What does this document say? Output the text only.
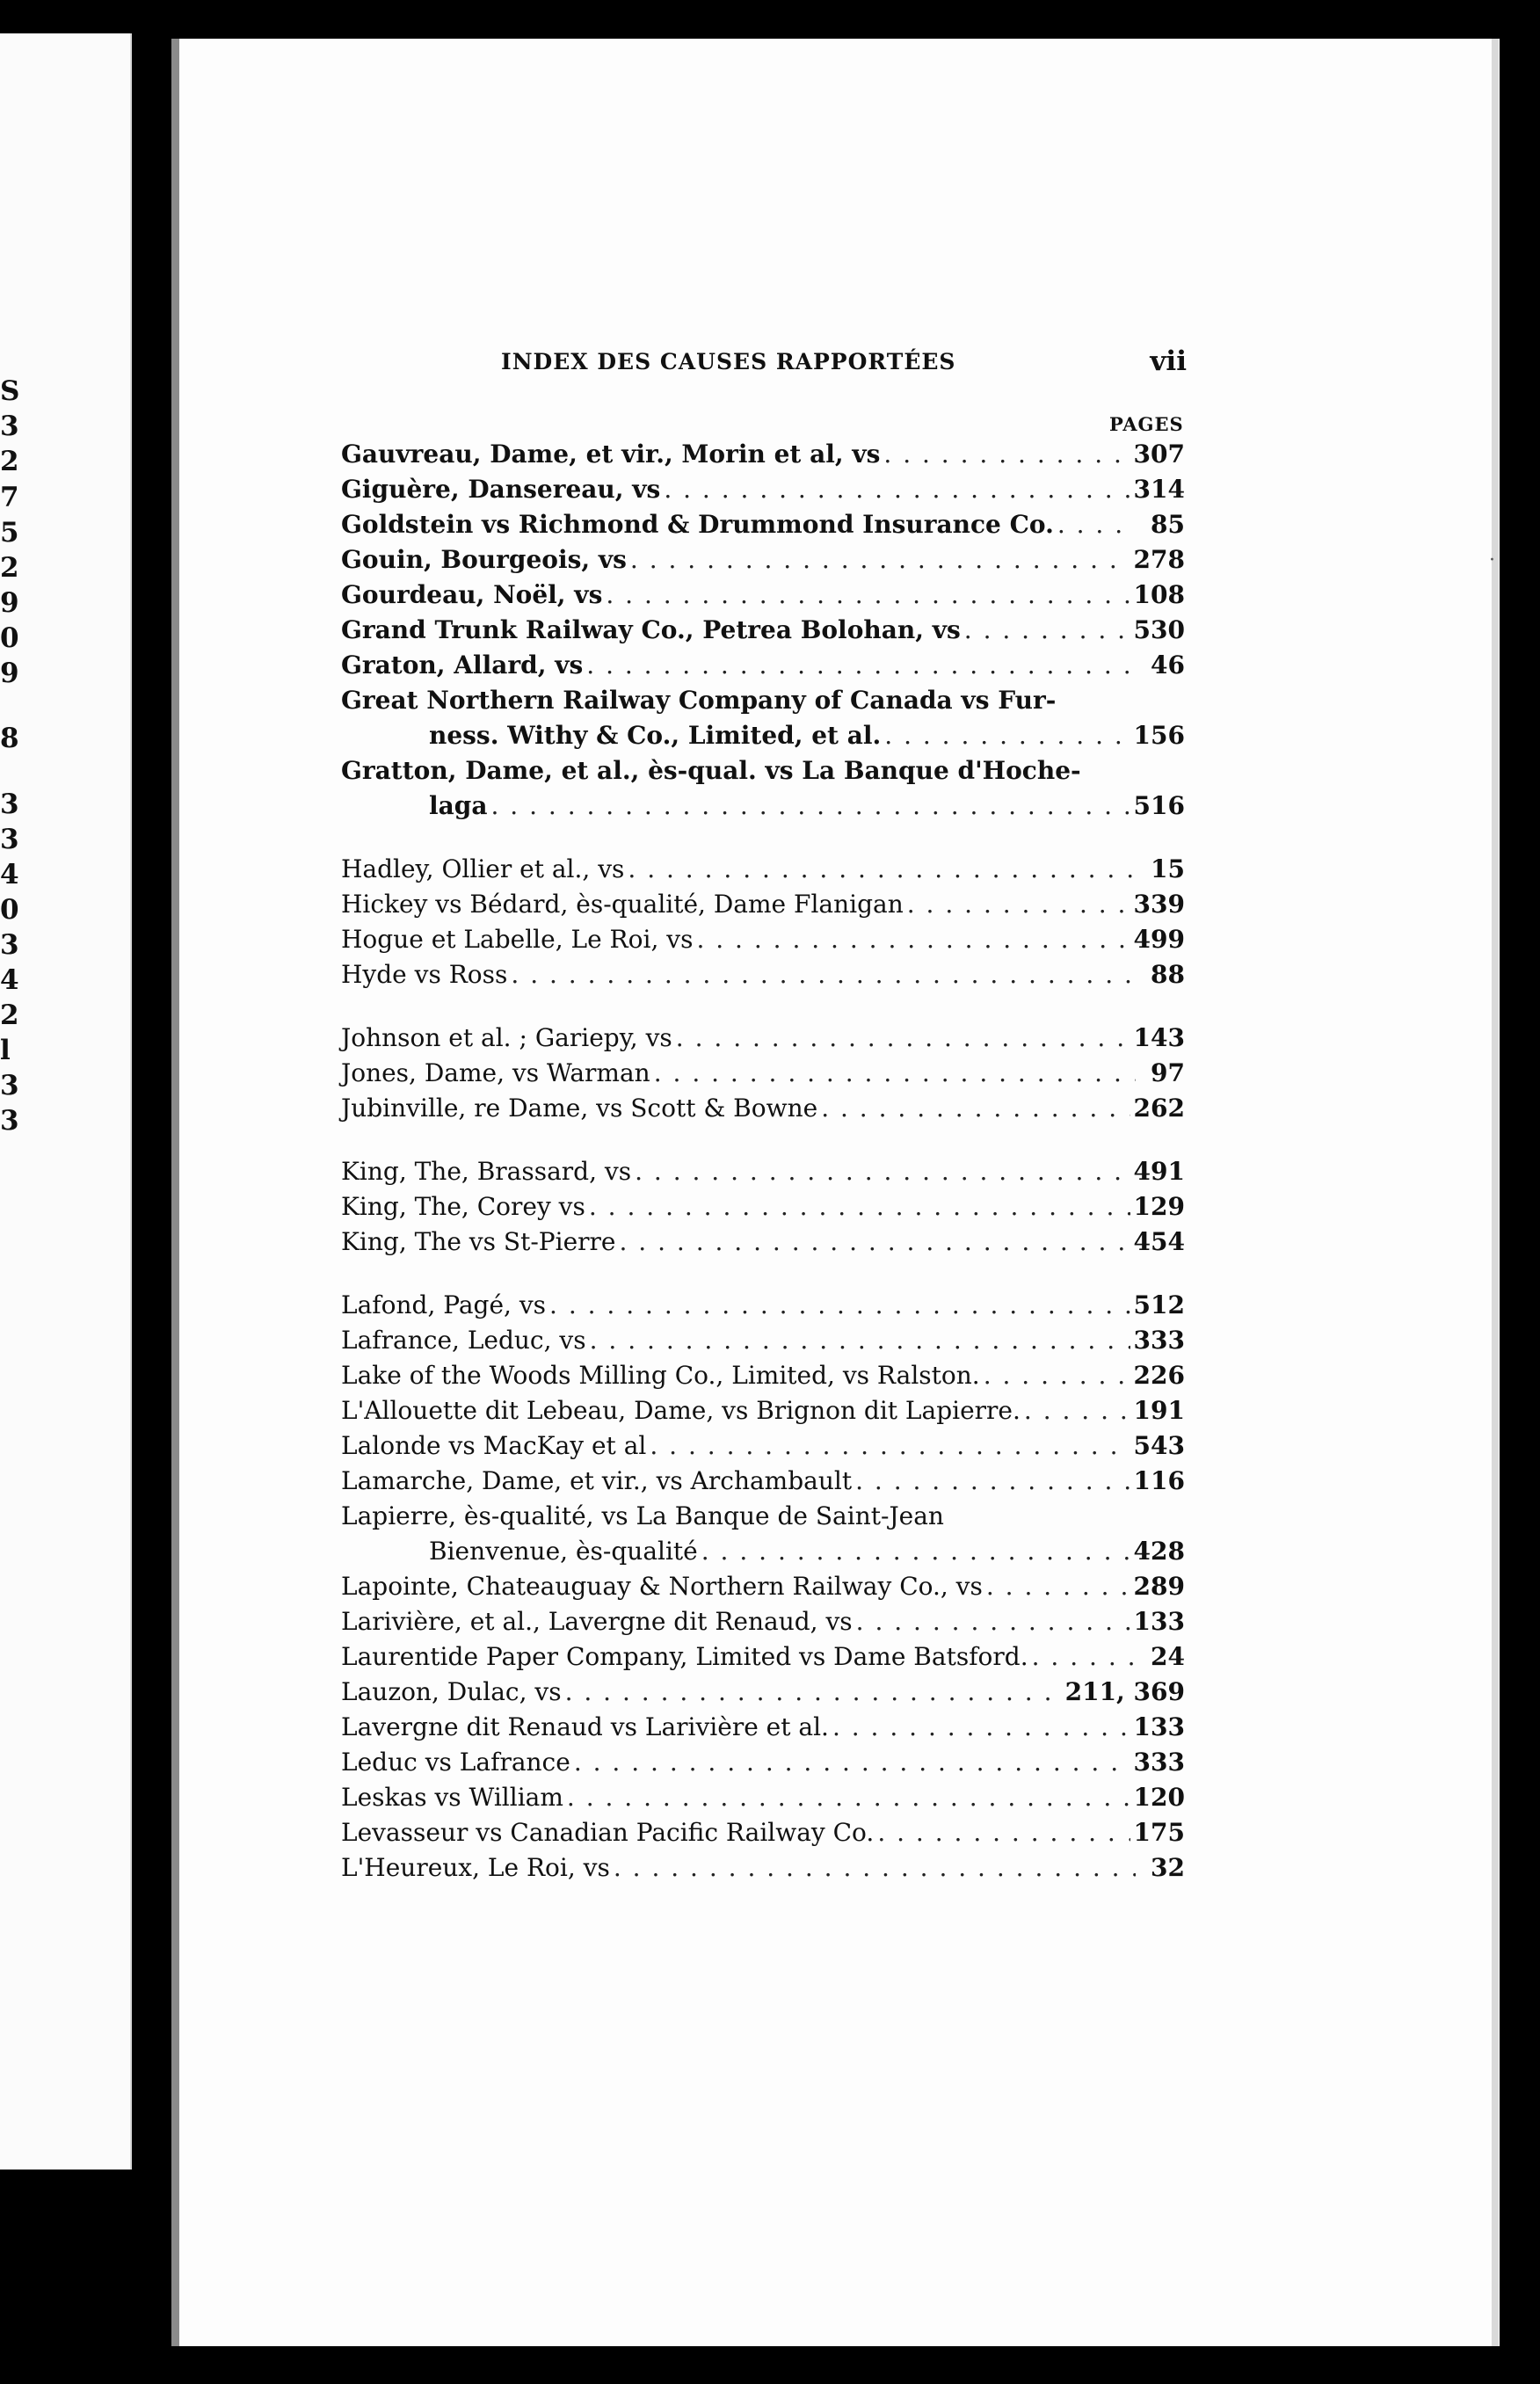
S
3
2
7
5
2
9
0
9
8
3
3
4
0
3
4
2
l
3
3
·
INDEX DES CAUSES RAPPORTÉES	vii
PAGES
Gauvreau, Dame, et vir., Morin et al, vs . . .	307
Giguère, Dansereau, vs . . .	314
Goldstein vs Richmond & Drummond Insurance Co. . . .	85
Gouin, Bourgeois, vs . . .	278
Gourdeau, Noël, vs . . .	108
Grand Trunk Railway Co., Petrea Bolohan, vs . . .	530
Graton, Allard, vs . . .	46
Great Northern Railway Company of Canada vs Fur-
ness. Withy & Co., Limited, et al. . . .	156
Gratton, Dame, et al., ès-qual. vs La Banque d'Hoche-
laga . . .	516
Hadley, Ollier et al., vs . . .	15
Hickey vs Bédard, ès-qualité, Dame Flanigan . . .	339
Hogue et Labelle, Le Roi, vs . . .	499
Hyde vs Ross . . .	88
Johnson et al. ; Gariepy, vs . . .	143
Jones, Dame, vs Warman . . .	97
Jubinville, re Dame, vs Scott & Bowne . . .	262
King, The, Brassard, vs . . .	491
King, The, Corey vs . . .	129
King, The vs St-Pierre . . .	454
Lafond, Pagé, vs . . .	512
Lafrance, Leduc, vs . . .	333
Lake of the Woods Milling Co., Limited, vs Ralston. . . .	226
L'Allouette dit Lebeau, Dame, vs Brignon dit Lapierre. . . .	191
Lalonde vs MacKay et al . . .	543
Lamarche, Dame, et vir., vs Archambault . . .	116
Lapierre, ès-qualité, vs La Banque de Saint-Jean
Bienvenue, ès-qualité . . .	428
Lapointe, Chateauguay & Northern Railway Co., vs . . .	289
Larivière, et al., Lavergne dit Renaud, vs . . .	133
Laurentide Paper Company, Limited vs Dame Batsford. . . .	24
Lauzon, Dulac, vs . . .	211, 369
Lavergne dit Renaud vs Larivière et al. . . .	133
Leduc vs Lafrance . . .	333
Leskas vs William . . .	120
Levasseur vs Canadian Pacific Railway Co. . . .	175
L'Heureux, Le Roi, vs . . .	32
